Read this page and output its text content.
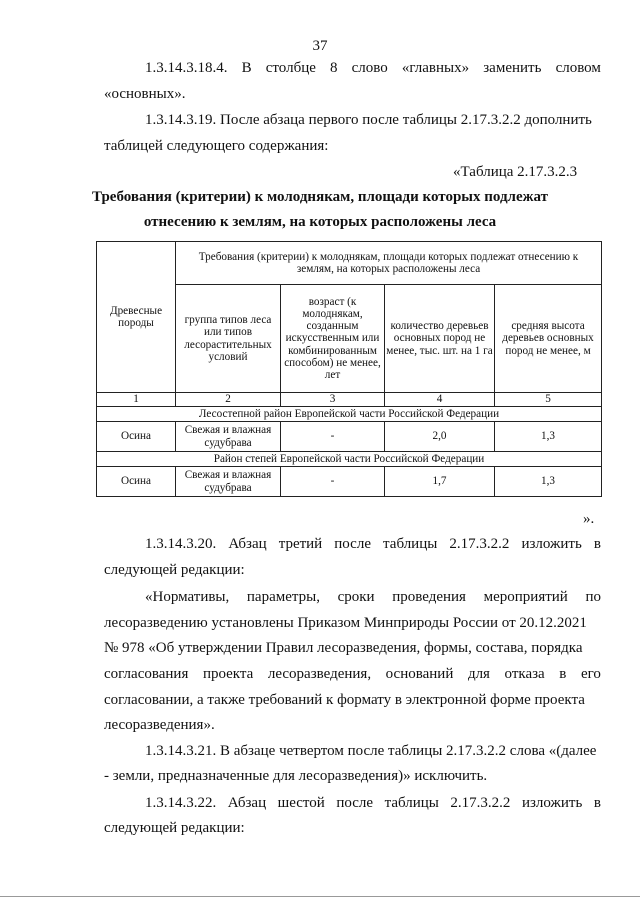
37
1.3.14.3.18.4. В столбце 8 слово «главных» заменить словом
«основных».
1.3.14.3.19. После абзаца первого после таблицы 2.17.3.2.2 дополнить
таблицей следующего содержания:
«Таблица 2.17.3.2.3
Требования (критерии) к молоднякам, площади которых подлежат
отнесению к землям, на которых расположены леса
Древесные породы	Требования (критерии) к молоднякам, площади которых подлежат отнесению к землям, на которых расположены леса			
	группа типов леса или типов лесорастительных условий	возраст (к молоднякам, созданным искусственным или комбинированным способом) не менее, лет	количество деревьев основных пород не менее, тыс. шт. на 1 га	средняя высота деревьев основных пород не менее, м
1	2	3	4	5
Лесостепной район Европейской части Российской Федерации				
Осина	Свежая и влажная судубрава	-	2,0	1,3
Район степей Европейской части Российской Федерации				
Осина	Свежая и влажная судубрава	-	1,7	1,3
».
1.3.14.3.20. Абзац третий после таблицы 2.17.3.2.2 изложить в
следующей редакции:
«Нормативы, параметры, сроки проведения мероприятий по
лесоразведению установлены Приказом Минприроды России от 20.12.2021
№ 978 «Об утверждении Правил лесоразведения, формы, состава, порядка
согласования проекта лесоразведения, оснований для отказа в его
согласовании, а также требований к формату в электронной форме проекта
лесоразведения».
1.3.14.3.21. В абзаце четвертом после таблицы 2.17.3.2.2 слова «(далее
- земли, предназначенные для лесоразведения)» исключить.
1.3.14.3.22. Абзац шестой после таблицы 2.17.3.2.2 изложить в
следующей редакции:
